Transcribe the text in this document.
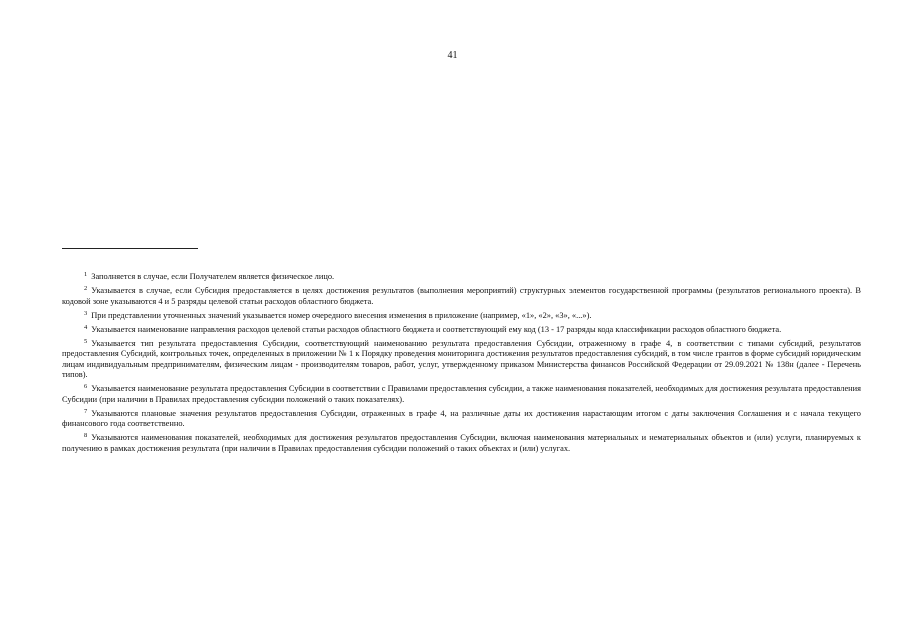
41

$^1$ Заполняется в случае, если Получателем является физическое лицо.

$^2$ Указывается в случае, если Субсидия предоставляется в целях достижения результатов (выполнения мероприятий) структурных элементов государственной программы (результатов регионального проекта). В кодовой зоне указываются 4 и 5 разряды целевой статьи расходов областного бюджета.

$^3$ При представлении уточненных значений указывается номер очередного внесения изменения в приложение (например, «1», «2», «3», «...»).

$^4$ Указывается наименование направления расходов целевой статьи расходов областного бюджета и соответствующий ему код (13 - 17 разряды кода классификации расходов областного бюджета.

$^5$ Указывается тип результата предоставления Субсидии, соответствующий наименованию результата предоставления Субсидии, отраженному в графе 4, в соответствии с типами субсидий, результатов предоставления Субсидий, контрольных точек, определенных в приложении № 1 к Порядку проведения мониторинга достижения результатов предоставления субсидий, в том числе грантов в форме субсидий юридическим лицам индивидуальным предпринимателям, физическим лицам - производителям товаров, работ, услуг, утвержденному приказом Министерства финансов Российской Федерации от 29.09.2021 № 138н (далее - Перечень типов).

$^6$ Указывается наименование результата предоставления Субсидии в соответствии с Правилами предоставления субсидии, а также наименования показателей, необходимых для достижения результата предоставления Субсидии (при наличии в Правилах предоставления субсидии положений о таких показателях).

$^7$ Указываются плановые значения результатов предоставления Субсидии, отраженных в графе 4, на различные даты их достижения нарастающим итогом с даты заключения Соглашения и с начала текущего финансового года соответственно.

$^8$ Указываются наименования показателей, необходимых для достижения результатов предоставления Субсидии, включая наименования материальных и нематериальных объектов и (или) услуги, планируемых к получению в рамках достижения результата (при наличии в Правилах предоставления субсидии положений о таких объектах и (или) услугах.
